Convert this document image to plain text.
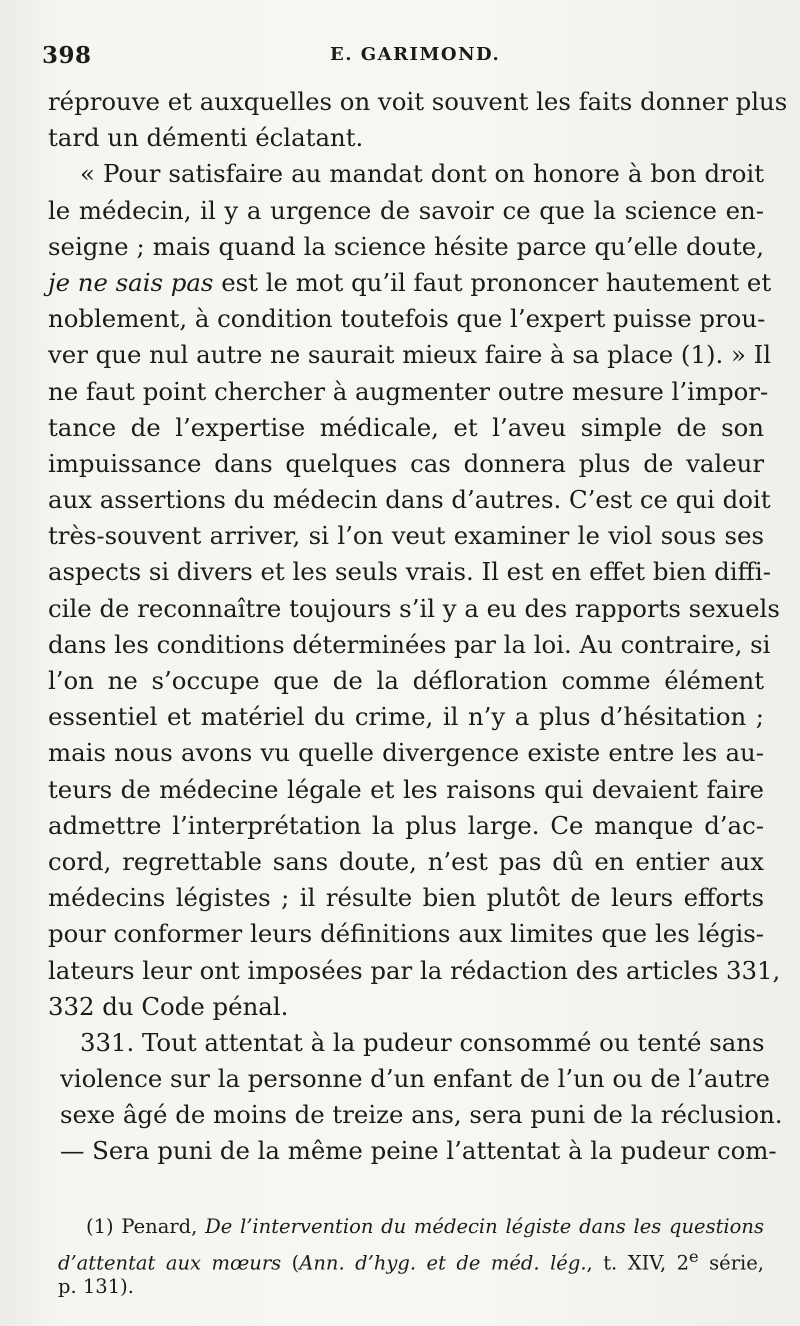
398	E. GARIMOND.
réprouve et auxquelles on voit souvent les faits donner plus
tard un démenti éclatant.
« Pour satisfaire au mandat dont on honore à bon droit
le médecin, il y a urgence de savoir ce que la science en-
seigne ; mais quand la science hésite parce qu’elle doute,
je ne sais pas est le mot qu’il faut prononcer hautement et
noblement, à condition toutefois que l’expert puisse prou-
ver que nul autre ne saurait mieux faire à sa place (1). » Il
ne faut point chercher à augmenter outre mesure l’impor-
tance de l’expertise médicale, et l’aveu simple de son
impuissance dans quelques cas donnera plus de valeur
aux assertions du médecin dans d’autres. C’est ce qui doit
très-souvent arriver, si l’on veut examiner le viol sous ses
aspects si divers et les seuls vrais. Il est en effet bien diffi-
cile de reconnaître toujours s’il y a eu des rapports sexuels
dans les conditions déterminées par la loi. Au contraire, si
l’on ne s’occupe que de la défloration comme élément
essentiel et matériel du crime, il n’y a plus d’hésitation ;
mais nous avons vu quelle divergence existe entre les au-
teurs de médecine légale et les raisons qui devaient faire
admettre l’interprétation la plus large. Ce manque d’ac-
cord, regrettable sans doute, n’est pas dû en entier aux
médecins légistes ; il résulte bien plutôt de leurs efforts
pour conformer leurs définitions aux limites que les légis-
lateurs leur ont imposées par la rédaction des articles 331,
332 du Code pénal.
331. Tout attentat à la pudeur consommé ou tenté sans
violence sur la personne d’un enfant de l’un ou de l’autre
sexe âgé de moins de treize ans, sera puni de la réclusion.
— Sera puni de la même peine l’attentat à la pudeur com-
(1) Penard, De l’intervention du médecin légiste dans les questions
d’attentat aux mœurs (Ann. d’hyg. et de méd. lég., t. XIV, 2e série,
p. 131).
